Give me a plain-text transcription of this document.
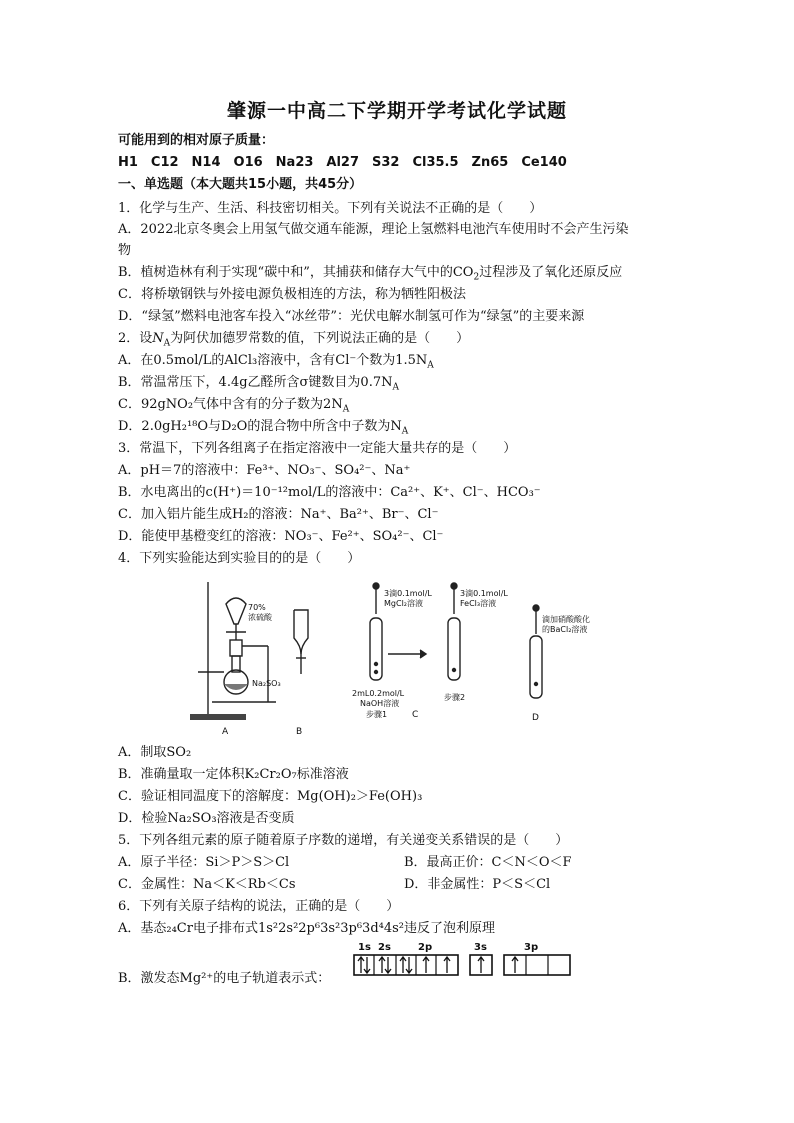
肇源一中高二下学期开学考试化学试题
可能用到的相对原子质量：
H1　C12　N14　O16　Na23　Al27　S32　Cl35.5　Zn65　Ce140
一、单选题（本大题共15小题，共45分）
1．化学与生产、生活、科技密切相关。下列有关说法不正确的是（　　）
A．2022北京冬奥会上用氢气做交通车能源，理论上氢燃料电池汽车使用时不会产生污染
物
B．植树造林有利于实现“碳中和”，其捕获和储存大气中的$CO_2$过程涉及了氧化还原反应
C．将桥墩钢铁与外接电源负极相连的方法，称为牺牲阳极法
D．“绿氢”燃料电池客车投入“冰丝带”：光伏电解水制氢可作为“绿氢”的主要来源
2．设$N_A$为阿伏加德罗常数的值，下列说法正确的是（　　）
A．在0.5mol/L的AlCl₃溶液中，含有Cl⁻个数为$1.5N_A$
B．常温常压下，4.4g乙醛所含σ键数目为$0.7N_A$
C．92gNO₂气体中含有的分子数为$2N_A$
D．2.0gH₂¹⁸O与D₂O的混合物中所含中子数为$N_A$
3．常温下，下列各组离子在指定溶液中一定能大量共存的是（　　）
A．pH＝7的溶液中：Fe³⁺、NO₃⁻、SO₄²⁻、Na⁺
B．水电离出的c(H⁺)＝10⁻¹²mol/L的溶液中：Ca²⁺、K⁺、Cl⁻、HCO₃⁻
C．加入铝片能生成H₂的溶液：Na⁺、Ba²⁺、Br⁻、Cl⁻
D．能使甲基橙变红的溶液：NO₃⁻、Fe²⁺、SO₄²⁻、Cl⁻
4．下列实验能达到实验目的的是（　　）
70%
浓硫酸
Na₂SO₃
A	B
3滴0.1mol/L
MgCl₂溶液
3滴0.1mol/L
FeCl₃溶液
2mL0.2mol/L
NaOH溶液
步骤1
步骤2
C
滴加硝酸酸化
的BaCl₂溶液
D
A．制取SO₂
B．准确量取一定体积K₂Cr₂O₇标准溶液
C．验证相同温度下的溶解度：Mg(OH)₂＞Fe(OH)₃
D．检验Na₂SO₃溶液是否变质
5．下列各组元素的原子随着原子序数的递增，有关递变关系错误的是（　　）
A．原子半径：Si＞P＞S＞Cl	B．最高正价：C＜N＜O＜F
C．金属性：Na＜K＜Rb＜Cs	D．非金属性：P＜S＜Cl
6．下列有关原子结构的说法，正确的是（　　）
A．基态₂₄Cr电子排布式1s²2s²2p⁶3s²3p⁶3d⁴4s²违反了泡利原理
B．激发态Mg²⁺的电子轨道表示式：
1s 2s	2p	3s	3p
